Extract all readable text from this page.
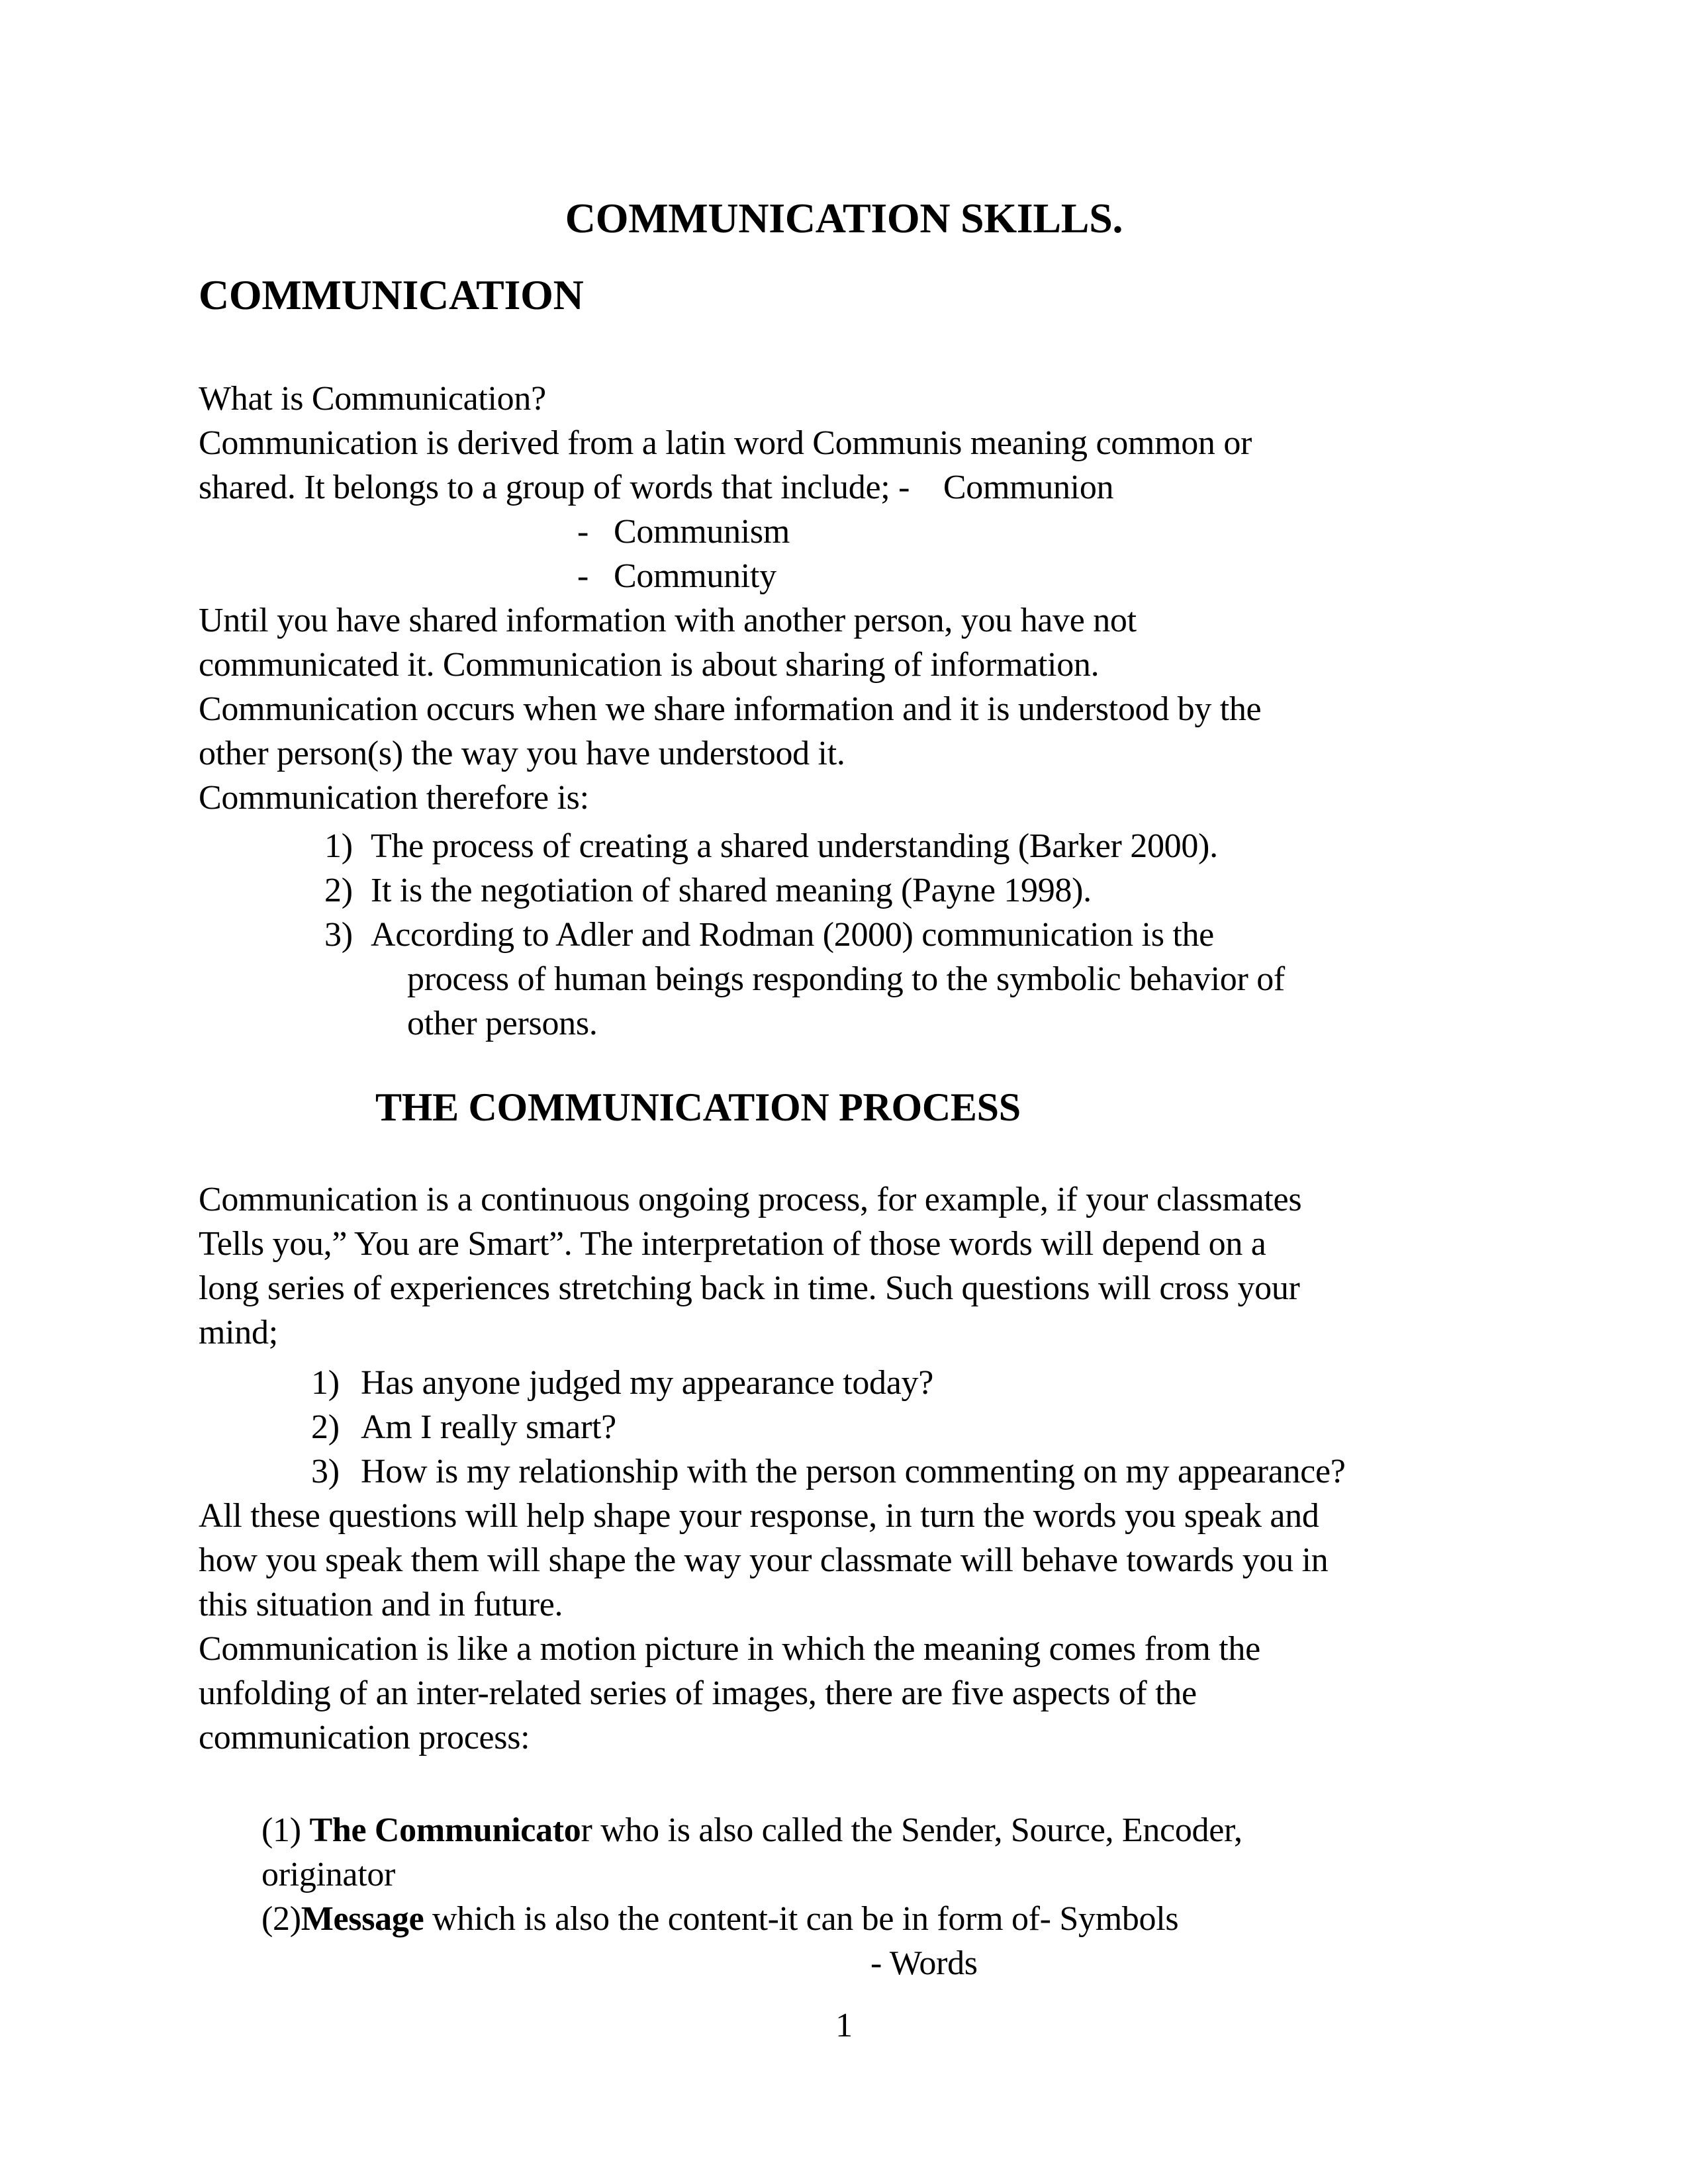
COMMUNICATION SKILLS.
COMMUNICATION
What is Communication?
Communication is derived from a latin word Communis meaning common or
shared. It belongs to a group of words that include; -    Communion
- Communism
- Community
Until you have shared information with another person, you have not
communicated it. Communication is about sharing of information.
Communication occurs when we share information and it is understood by the
other person(s) the way you have understood it.
Communication therefore is:
1) The process of creating a shared understanding (Barker 2000).
2) It is the negotiation of shared meaning (Payne 1998).
3) According to Adler and Rodman (2000) communication is the
process of human beings responding to the symbolic behavior of
other persons.
THE COMMUNICATION PROCESS
Communication is a continuous ongoing process, for example, if your classmates
Tells you,” You are Smart”. The interpretation of those words will depend on a
long series of experiences stretching back in time. Such questions will cross your
mind;
1) Has anyone judged my appearance today?
2) Am I really smart?
3) How is my relationship with the person commenting on my appearance?
All these questions will help shape your response, in turn the words you speak and
how you speak them will shape the way your classmate will behave towards you in
this situation and in future.
Communication is like a motion picture in which the meaning comes from the
unfolding of an inter-related series of images, there are five aspects of the
communication process:
(1) The Communicator who is also called the Sender, Source, Encoder,
originator
(2)Message which is also the content-it can be in form of- Symbols
- Words
1
